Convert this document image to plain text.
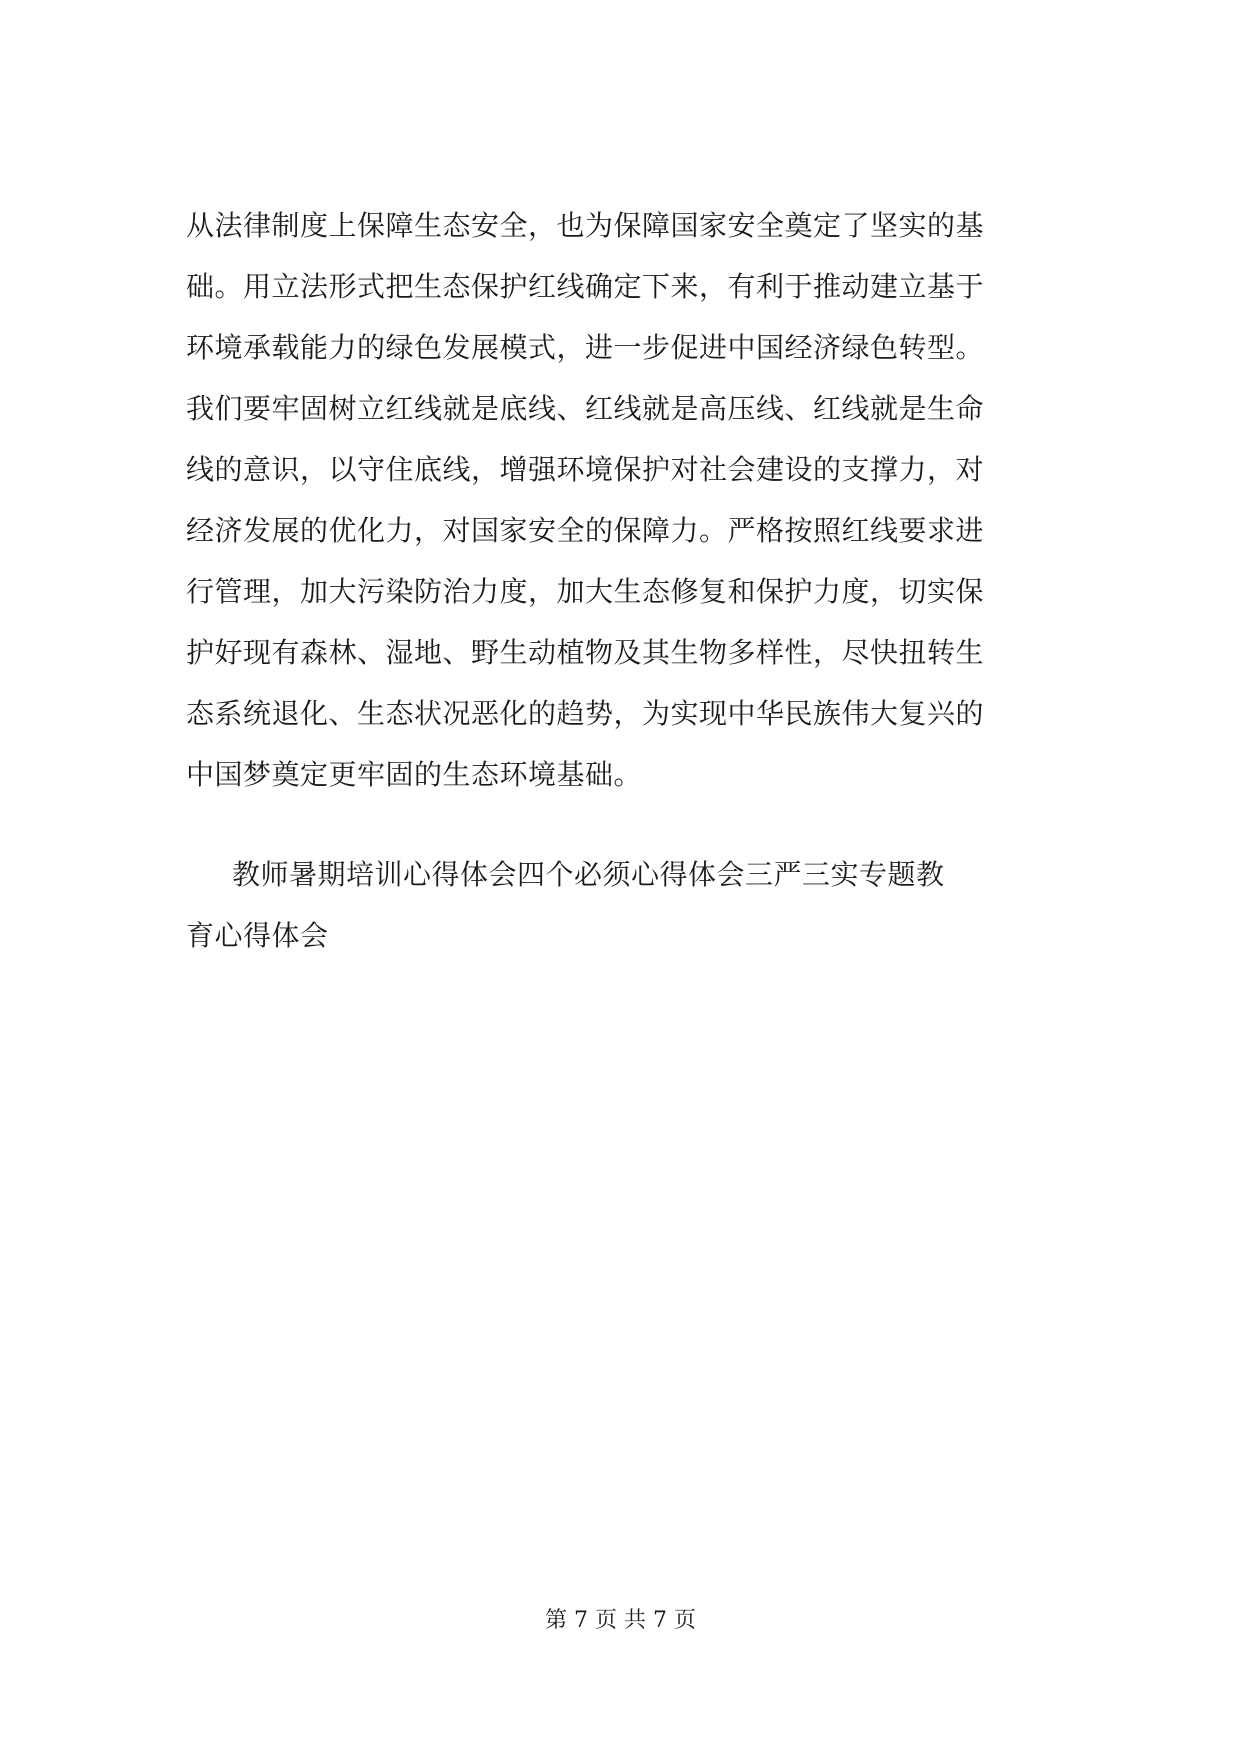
从法律制度上保障生态安全，也为保障国家安全奠定了坚实的基
础。用立法形式把生态保护红线确定下来，有利于推动建立基于
环境承载能力的绿色发展模式，进一步促进中国经济绿色转型。
我们要牢固树立红线就是底线、红线就是高压线、红线就是生命
线的意识，以守住底线，增强环境保护对社会建设的支撑力，对
经济发展的优化力，对国家安全的保障力。严格按照红线要求进
行管理，加大污染防治力度，加大生态修复和保护力度，切实保
护好现有森林、湿地、野生动植物及其生物多样性，尽快扭转生
态系统退化、生态状况恶化的趋势，为实现中华民族伟大复兴的
中国梦奠定更牢固的生态环境基础。
教师暑期培训心得体会四个必须心得体会三严三实专题教
育心得体会
第 7 页 共 7 页
